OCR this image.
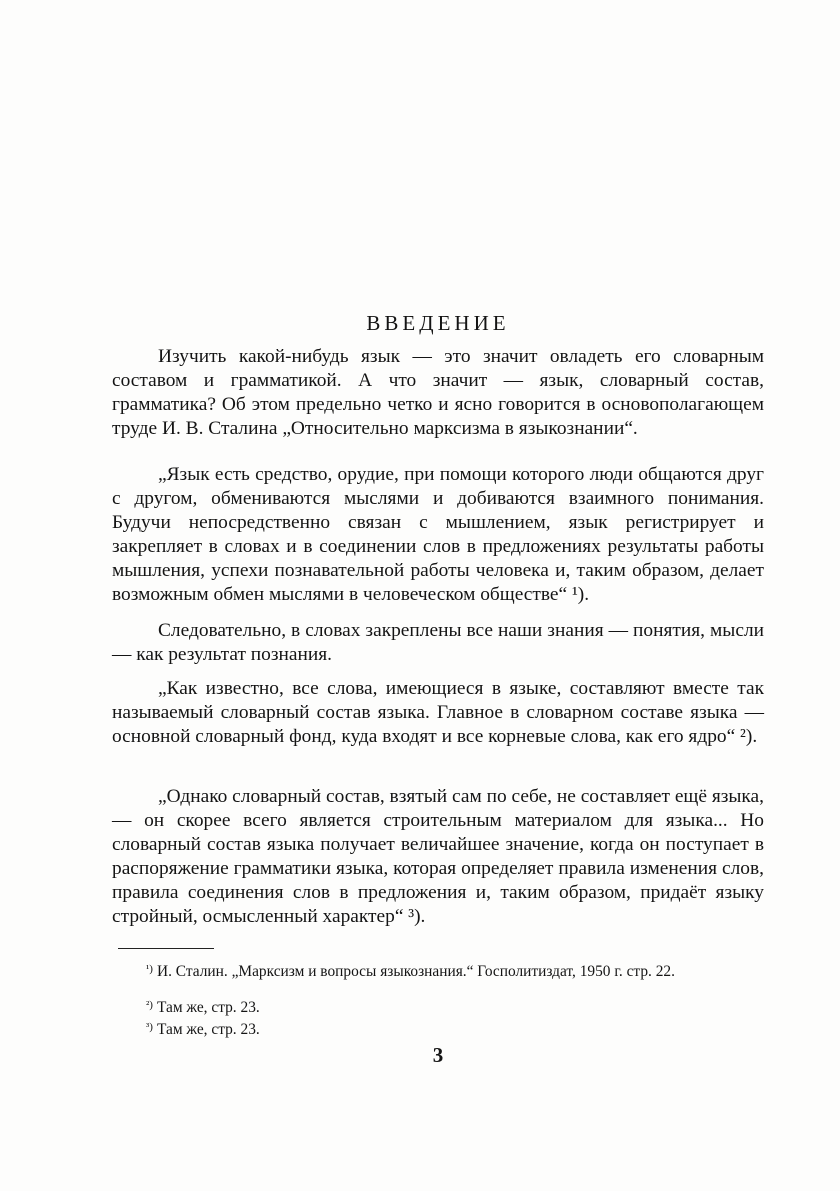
ВВЕДЕНИЕ

Изучить какой-нибудь язык — это значит овладеть его словарным составом и грамматикой. А что значит — язык, словарный состав, грамматика? Об этом предельно четко и ясно говорится в основополагающем труде И. В. Сталина „Относительно марксизма в языкознании“.

„Язык есть средство, орудие, при помощи которого люди общаются друг с другом, обмениваются мыслями и добиваются взаимного понимания. Будучи непосредственно связан с мышлением, язык регистрирует и закрепляет в словах и в соединении слов в предложениях результаты работы мышления, успехи познавательной работы человека и, таким образом, делает возможным обмен мыслями в человеческом обществе“ ¹).

Следовательно, в словах закреплены все наши знания — понятия, мысли — как результат познания.

„Как известно, все слова, имеющиеся в языке, составляют вместе так называемый словарный состав языка. Главное в словарном составе языка — основной словарный фонд, куда входят и все корневые слова, как его ядро“ ²).

„Однако словарный состав, взятый сам по себе, не составляет ещё языка, — он скорее всего является строительным материалом для языка... Но словарный состав языка получает величайшее значение, когда он поступает в распоряжение грамматики языка, которая определяет правила изменения слов, правила соединения слов в предложения и, таким образом, придаёт языку стройный, осмысленный характер“ ³).

$^{^1)}$ И. Сталин. „Марксизм и вопросы языкознания.“ Госполитиздат, 1950 г. стр. 22.

$^{^2)}$ Там же, стр. 23.

$^{^3)}$ Там же, стр. 23.

3
